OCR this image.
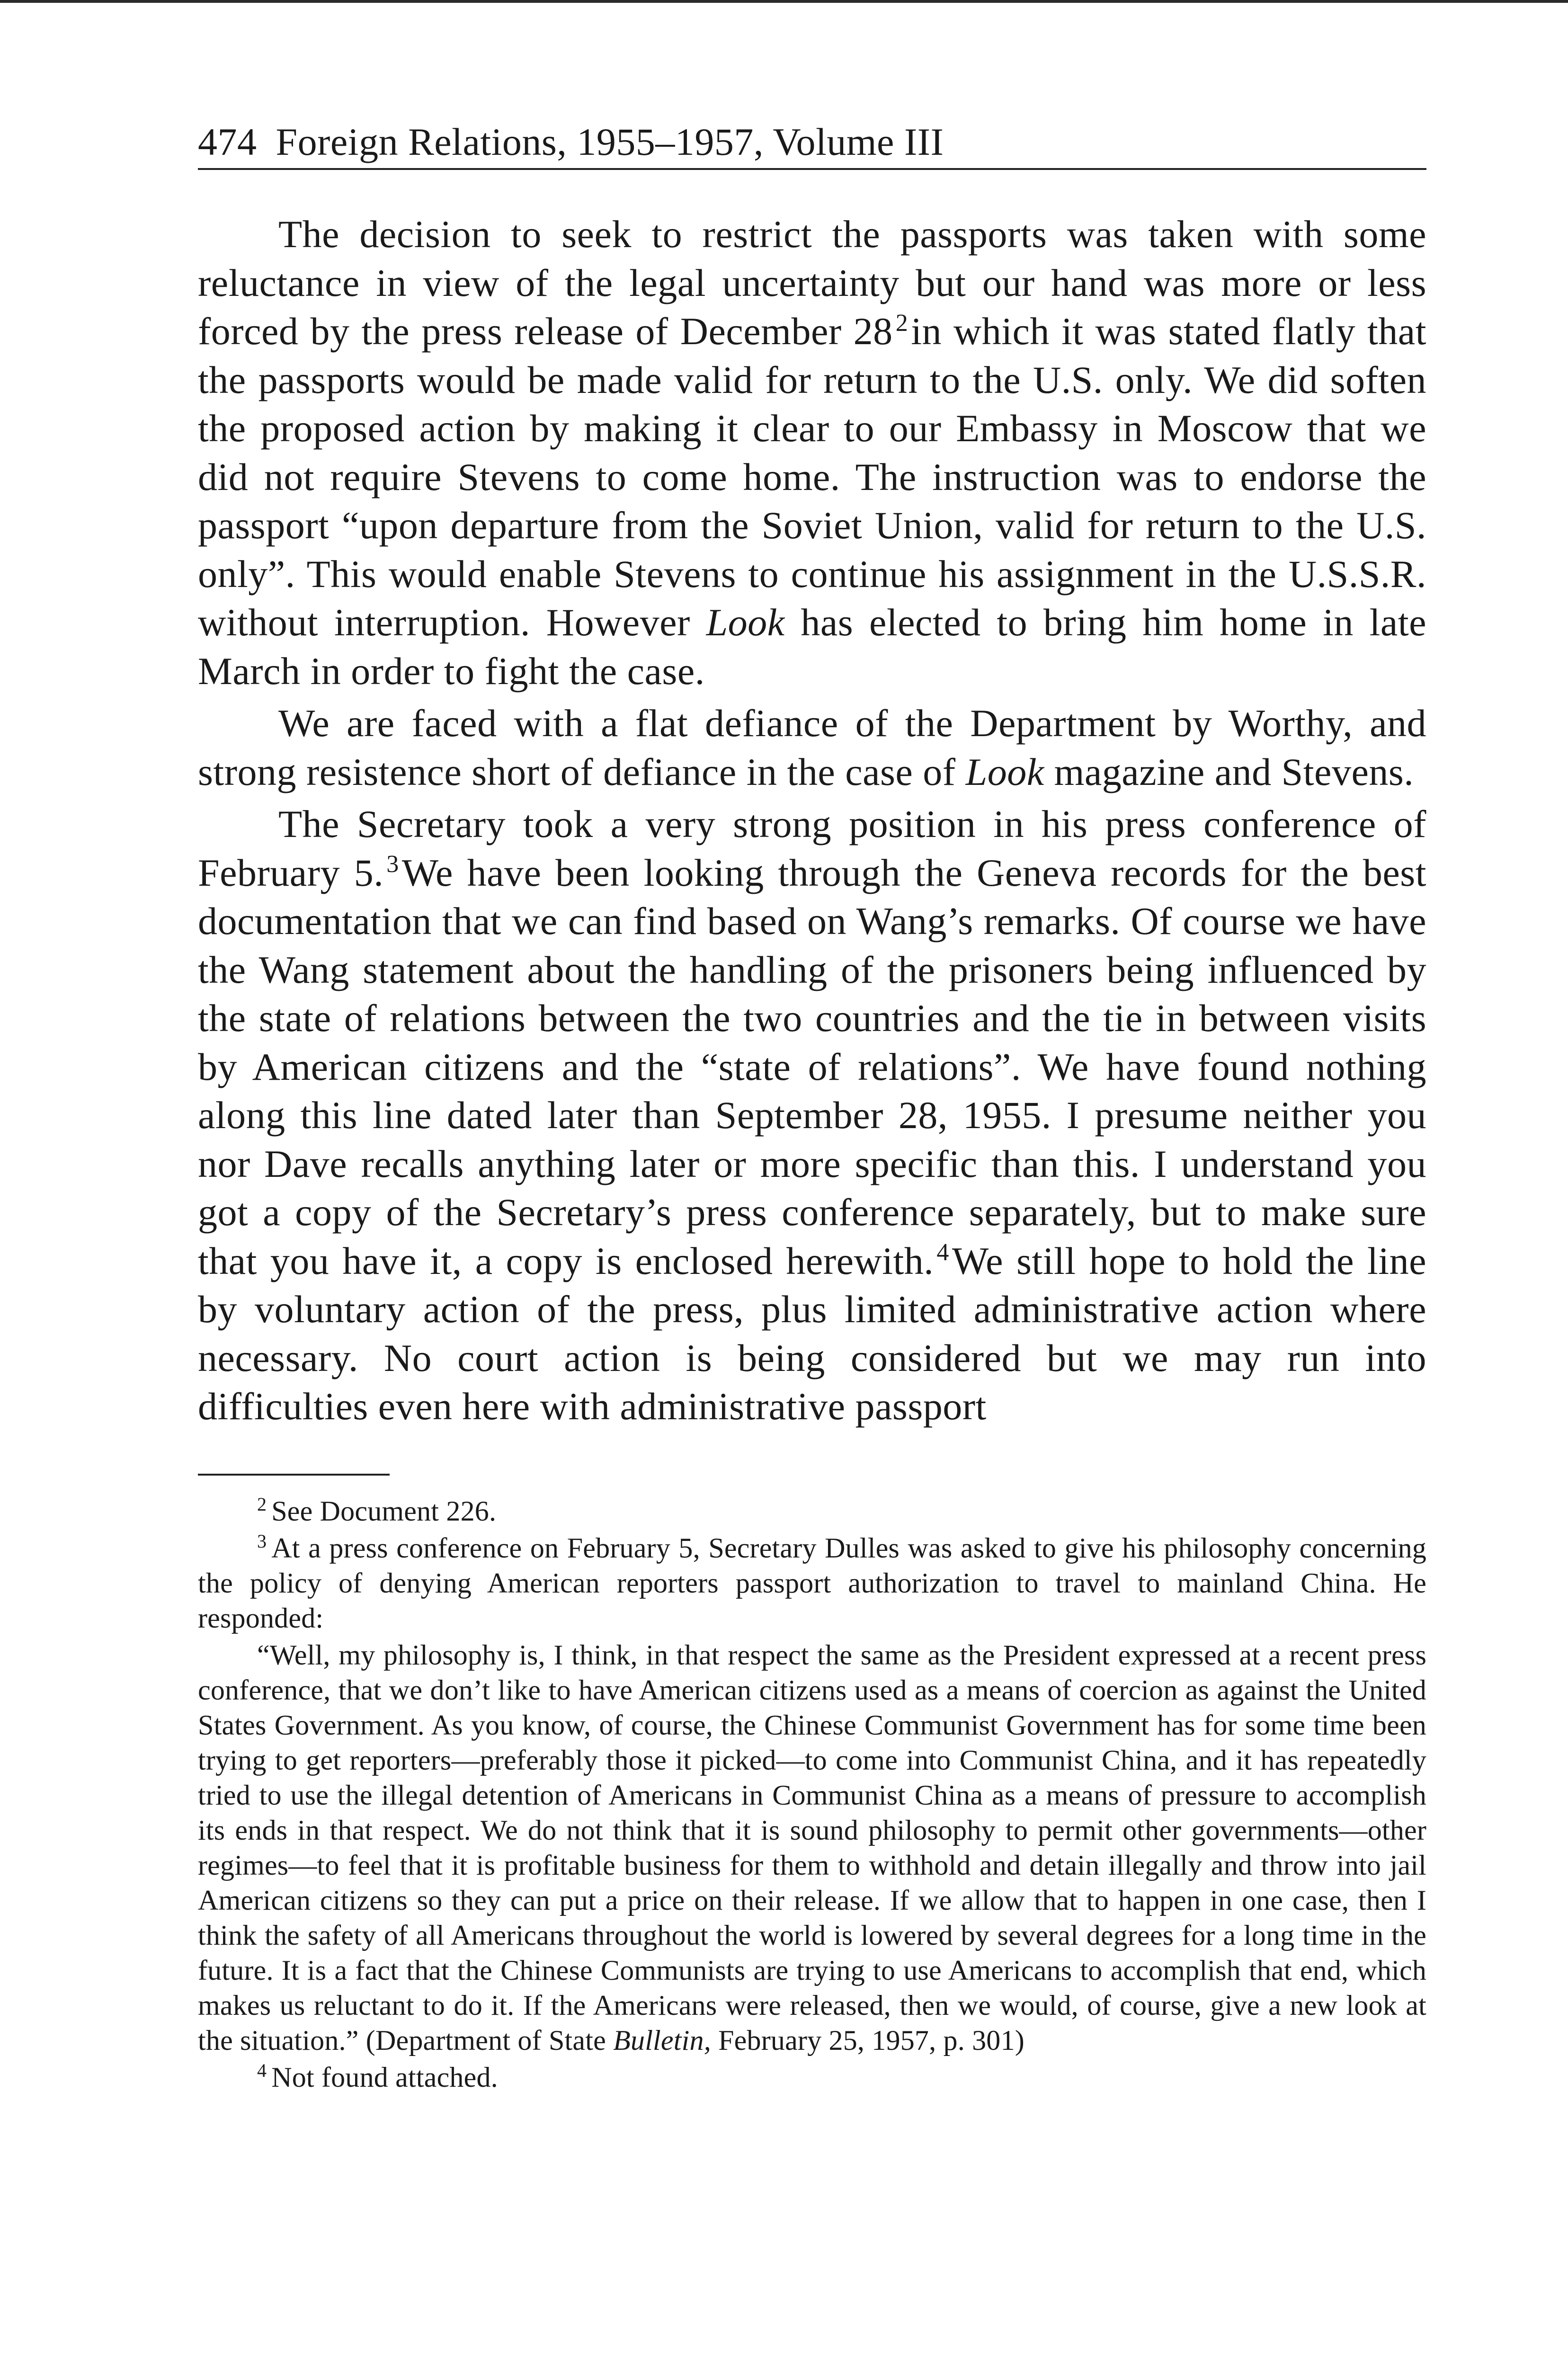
474 Foreign Relations, 1955–1957, Volume III

The decision to seek to restrict the passports was taken with some reluctance in view of the legal uncertainty but our hand was more or less forced by the press release of December 28 $^2$in which it was stated flatly that the passports would be made valid for return to the U.S. only. We did soften the proposed action by making it clear to our Embassy in Moscow that we did not require Stevens to come home. The instruction was to endorse the passport “upon departure from the Soviet Union, valid for return to the U.S. only”. This would enable Stevens to continue his assignment in the U.S.S.R. without interruption. However Look has elected to bring him home in late March in order to fight the case.

We are faced with a flat defiance of the Department by Worthy, and strong resistence short of defiance in the case of Look magazine and Stevens.

The Secretary took a very strong position in his press conference of February 5. $^3$We have been looking through the Geneva records for the best documentation that we can find based on Wang’s remarks. Of course we have the Wang statement about the handling of the prisoners being influenced by the state of relations between the two countries and the tie in between visits by American citizens and the “state of relations”. We have found nothing along this line dated later than September 28, 1955. I presume neither you nor Dave recalls anything later or more specific than this. I understand you got a copy of the Secretary’s press conference separately, but to make sure that you have it, a copy is enclosed herewith. $^4$We still hope to hold the line by voluntary action of the press, plus limited administrative action where necessary. No court action is being considered but we may run into difficulties even here with administrative passport

$^2$ See Document 226.

$^3$ At a press conference on February 5, Secretary Dulles was asked to give his philosophy concerning the policy of denying American reporters passport authorization to travel to mainland China. He responded:

“Well, my philosophy is, I think, in that respect the same as the President expressed at a recent press conference, that we don’t like to have American citizens used as a means of coercion as against the United States Government. As you know, of course, the Chinese Communist Government has for some time been trying to get reporters—preferably those it picked—to come into Communist China, and it has repeatedly tried to use the illegal detention of Americans in Communist China as a means of pressure to accomplish its ends in that respect. We do not think that it is sound philosophy to permit other governments—other regimes—to feel that it is profitable business for them to withhold and detain illegally and throw into jail American citizens so they can put a price on their release. If we allow that to happen in one case, then I think the safety of all Americans throughout the world is lowered by several degrees for a long time in the future. It is a fact that the Chinese Communists are trying to use Americans to accomplish that end, which makes us reluctant to do it. If the Americans were released, then we would, of course, give a new look at the situation.” (Department of State Bulletin, February 25, 1957, p. 301)

$^4$ Not found attached.
